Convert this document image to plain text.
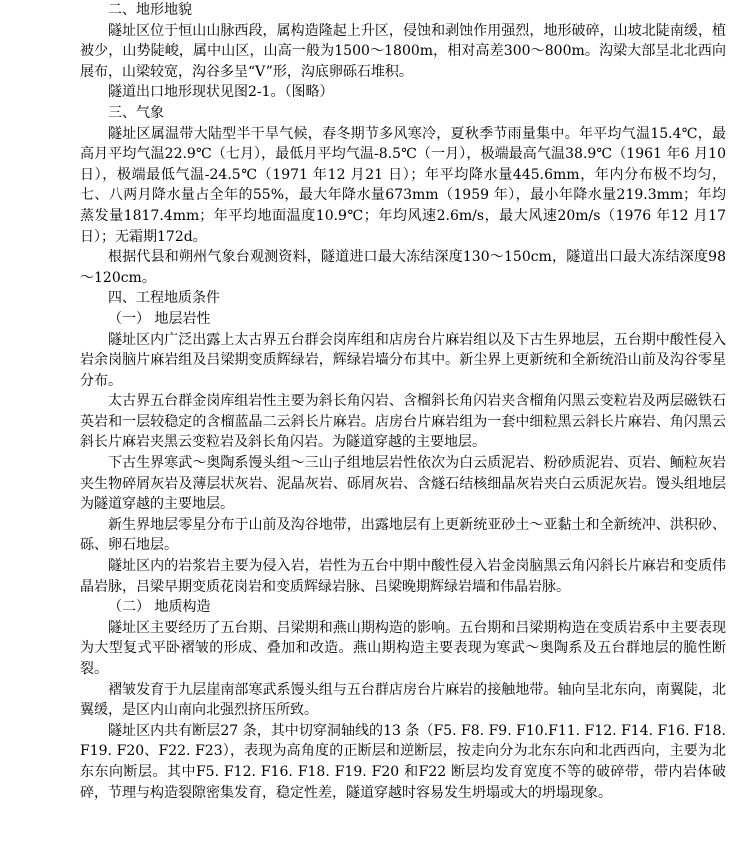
二、地形地貌

隧址区位于恒山山脉西段，属构造隆起上升区，侵蚀和剥蚀作用强烈，地形破碎，山坡北陡南缓，植被少，山势陡峻，属中山区，山高一般为1500～1800m，相对高差300～800m。沟梁大部呈北北西向展布，山梁较宽，沟谷多呈“V”形，沟底卵砾石堆积。

隧道出口地形现状见图2-1。（图略）

三、气象

隧址区属温带大陆型半干旱气候，春冬期节多风寒冷，夏秋季节雨量集中。年平均气温15.4℃，最高月平均气温22.9℃（七月），最低月平均气温-8.5℃（一月），极端最高气温38.9℃（1961 年6 月10 日），极端最低气温-24.5℃（1971 年12 月21 日）；年平均降水量445.6mm，年内分布极不均匀，七、八两月降水量占全年的55%，最大年降水量673mm（1959 年），最小年降水量219.3mm；年均蒸发量1817.4mm；年平均地面温度10.9℃；年均风速2.6m/s，最大风速20m/s（1976 年12 月17 日）；无霜期172d。

根据代县和朔州气象台观测资料，隧道进口最大冻结深度130～150cm，隧道出口最大冻结深度98～120cm。

四、工程地质条件

（一） 地层岩性

隧址区内广泛出露上太古界五台群会岗库组和店房台片麻岩组以及下古生界地层，五台期中酸性侵入岩余岗脑片麻岩组及吕梁期变质辉绿岩，辉绿岩墙分布其中。新尘界上更新统和全新统沿山前及沟谷零星分布。

太古界五台群金岗库组岩性主要为斜长角闪岩、含榴斜长角闪岩夹含榴角闪黑云变粒岩及两层磁铁石英岩和一层较稳定的含榴蓝晶二云斜长片麻岩。店房台片麻岩组为一套中细粒黑云斜长片麻岩、角闪黑云斜长片麻岩夹黑云变粒岩及斜长角闪岩。为隧道穿越的主要地层。

下古生界寒武～奥陶系馒头组～三山子组地层岩性依次为白云质泥岩、粉砂质泥岩、页岩、鲕粒灰岩夹生物碎屑灰岩及薄层状灰岩、泥晶灰岩、砾屑灰岩、含燧石结核细晶灰岩夹白云质泥灰岩。馒头组地层为隧道穿越的主要地层。

新生界地层零星分布于山前及沟谷地带，出露地层有上更新统亚砂土～亚黏土和全新统冲、洪积砂、砾、卵石地层。

隧址区内的岩浆岩主要为侵入岩，岩性为五台中期中酸性侵入岩金岗脑黑云角闪斜长片麻岩和变质伟晶岩脉，吕梁早期变质花岗岩和变质辉绿岩脉、吕梁晚期辉绿岩墙和伟晶岩脉。

（二） 地质构造

隧址区主要经历了五台期、吕梁期和燕山期构造的影响。五台期和吕梁期构造在变质岩系中主要表现为大型复式平卧褶皱的形成、叠加和改造。燕山期构造主要表现为寒武～奥陶系及五台群地层的脆性断裂。

褶皱发育于九层崖南部寒武系馒头组与五台群店房台片麻岩的接触地带。轴向呈北东向，南翼陡，北翼缓，是区内山南向北强烈挤压所致。

隧址区内共有断层27 条，其中切穿洞轴线的13 条（F5. F8. F9. F10.F11. F12. F14. F16. F18. F19. F20、F22. F23），表现为高角度的正断层和逆断层，按走向分为北东东向和北西西向，主要为北东东向断层。其中F5. F12. F16. F18. F19. F20 和F22 断层均发育宽度不等的破碎带，带内岩体破碎，节理与构造裂隙密集发育，稳定性差，隧道穿越时容易发生坍塌或大的坍塌现象。
